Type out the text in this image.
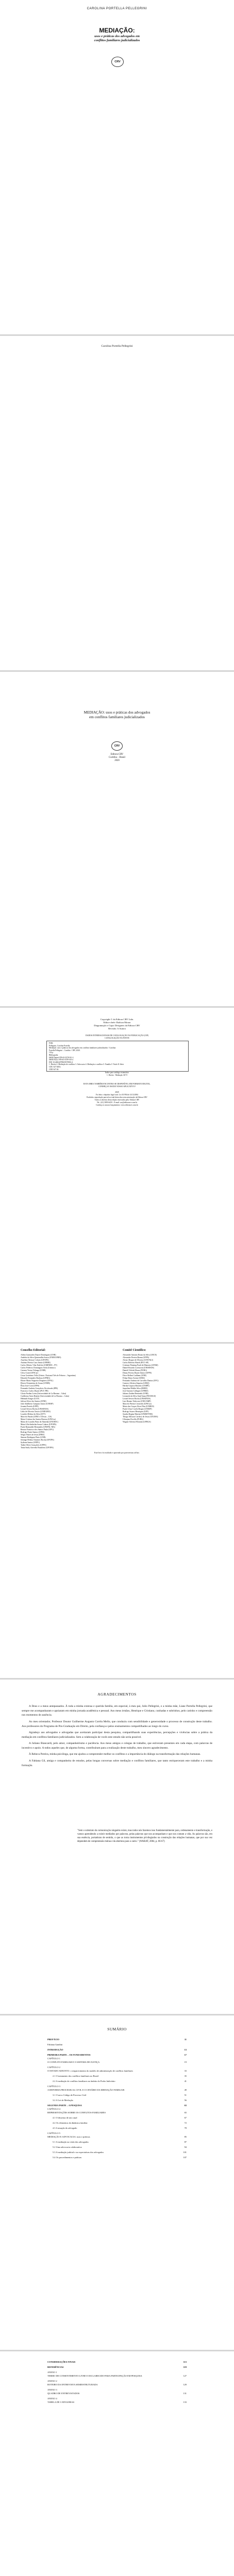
CAROLINA PORTELLA PELLEGRINI
MEDIAÇÃO:
usos e práticas dos advogados em
conflitos familiares judicializados
CRV
Carolina Portella Pellegrini
MEDIAÇÃO: usos e práticas dos advogados
em conflitos familiares judicializados
CRV
Editora CRV
Curitiba – Brasil
2020
Copyright © da Editora CRV Ltda.
Editor-chefe: Railson Moura
Diagramação e Capa: Designers da Editora CRV
Revisão: A Autora
DADOS INTERNACIONAIS DE CATALOGAÇÃO NA PUBLICAÇÃO (CIP)
CATALOGAÇÃO NA FONTE
P386
Pellegrini, Carolina Portella.
Mediação: usos e práticas dos advogados em conflitos familiares judicializados / Carolina
Portella Pellegrini – Curitiba : CRV, 2020.
134 p.
Bibliografia
ISBN Digital 978-65-5578-911-1
ISBN Físico 978-65-5578-910-4
DOI 10.24824/978655578910.4
1. Direito 2. Mediação de conflitos 3. Advocacia 4. Mediação e conflitos 5. Família I. Título II. Série
CDU 347.9(81)
CDD 347.04
Índice para catálogo sistemático
1. Direito - Mediação 347.9
ESTA OBRA TAMBÉM ENCONTRA-SE DISPONÍVEL EM FORMATO DIGITAL.
CONHEÇA E BAIXE NOSSO APLICATIVO!
2020
Foi feito o depósito legal conf. Lei 10.994 de 14/12/2004
Proibida a reprodução parcial ou total desta obra sem autorização da Editora CRV
Todos os direitos desta edição reservados pela: Editora CRV
Tel.: (41) 3039-6418 – E-mail: sac@editoracrv.com.br
Conheça os nossos lançamentos: www.editoracrv.com.br
Conselho Editorial:	Comitê Científico:
Aldira Guimarães Duarte Domínguez (UNB)
Andréia da Silva Quintanilha Sousa (UNIR/UFRN)
Anselmo Alencar Colares (UFOPA)
Antônio Pereira Gaio Júnior (UFRRJ)
Carlos Alberto Vilar Estêvão (UMINHO – PT)
Carlos Federico Dominguez Avila (Unieuro)
Carmen Tereza Velanga (UNIR)
Celso Conti (UFSCar)
Cesar Gerónimo Tello (Univer .Nacional Três de Febrero – Argentina)
Eduardo Fernandes Barbosa (UFMG)
Elione Maria Nogueira Diogenes (UFAL)
Elizeu Clementino de Souza (UNEB)
Élsio José Corá (UFFS)
Fernando Antônio Gonçalves Alcoforado (IPB)
Francisco Carlos Duarte (PUC-PR)
Gloria Fariñas León (Universidade de La Havana – Cuba)
Guillermo Arias Beatón (Universidade de La Havana – Cuba)
Helmuth Krüger (UCP)
Jailson Alves dos Santos (UFRJ)
João Adalberto Campato Junior (UNESP)
Josania Portela (UFPI)
Leonel Severo Rocha (UNISINOS)
Lídia de Oliveira Xavier (UNIEURO)
Lourdes Helena da Silva (UFV)
Marcelo Paixão (UFRJ e UTexas – US)
Maria Cristina dos Santos Bezerra (UFSCar)
Maria de Lourdes Pinto de Almeida (UNOESC)
Maria Lília Imbiriba Sousa Colares (UFOPA)
Paulo Romualdo Hernandes (UNIFAL-MG)
Renato Francisco dos Santos Paula (UFG)
Rodrigo Pratte-Santos (UFES)
Sérgio Nunes de Jesus (IFRO)
Simone Rodrigues Pinto (UNB)
Solange Helena Ximenes-Rocha (UFOPA)
Sydione Santos (UEPG)
Tadeu Oliver Gonçalves (UFPA)
Tania Suely Azevedo Brasileiro (UFOPA)
Alexandre Antonio Bruno da Silva (UECE)
Alexandre Pereira Bonna (UFPA)
Alvaro Borges de Oliveira (UNIVALI)
Carlos Roberto Husek (PUC-SP)
Cristiane Penning Pauli de Menezes (UFSM)
Daniel Ricardo Lorenzoni (UNISINOS)
Danieli Veleda Moura (FURG)
Dimas Pereira Duarte Júnior (UFPE)
Dirce Bellezi Guilhem (UNB)
Felipe Dutra Asensi (UERJ)
Fernando Antônio de Carvalho Dantas (UFG)
Gustavo Silveira Siqueira (UERJ)
Hertha Urquiza Baracho (UNIPÊ)
Jaqueline Mielke Silva (IMED)
José Antonio Callegari (UFRRJ)
Juliano Zaiden Benvindo (UNB)
Leonardo da Silva Sant'Anna (FIOCRUZ)
Leonel Severo Rocha (UNISINOS)
Luis Renato Vedovato (UNICAMP)
Marcelo Pereira Cristóvão (UFSCar)
Maria das Graças Alves Dias (UNIRIO)
Paulo César Corrêa Borges (UNESP)
Rodrigo Soares Henriques (UFF)
Sandra Regina Martini (UNIRITTER)
Thiago Allisson Cardoso de Jesus (CEUMA)
Ubirajara Fiorillo (FURG)
Wagner Silveira Feloniuk (UFRGS)
Este livro foi avaliado e aprovado por pareceristas ad hoc.
AGRADECIMENTOS
A Deus e a meus antepassados. À toda a minha extensa e querida família, em especial, à meu pai, Julio Pellegrini, e a minha mãe, Liane Portella Pellegrini, que sempre me acompanharam e apoiaram em minha jornada acadêmica e pessoal. Aos meus irmãos, Henrique e Cristiano, cunhadas e sobrinhos, pelo carinho e compreensão nos momentos de ausência.
Ao meu orientador, Professor Doutor Guilherme Augusto Corrêa Mello, que conduziu com sensibilidade e generosidade o processo de construção deste trabalho. Aos professores do Programa de Pós-Graduação em Direito, pela confiança e pelos ensinamentos compartilhados ao longo do curso.
Agradeço aos advogados e advogadas que aceitaram participar desta pesquisa, compartilhando suas experiências, percepções e vivências sobre a prática da mediação em conflitos familiares judicializados. Sem a colaboração de vocês este estudo não seria possível.
A Juliano Biancardi, pelo amor, companheirismo e paciência. Aos meus amigos e colegas de trabalho, que estiveram presentes em cada etapa, com palavras de incentivo e apoio. A todos aqueles que, de alguma forma, contribuíram para a realização deste trabalho, meu sincero agradecimento.
À Rebeca Pereira, minha psicóloga, que me ajudou a compreender melhor os conflitos e a importância do diálogo na transformação das relações humanas.
A Fabiana Gil, amiga e companheira de estudos, pelas longas conversas sobre mediação e conflitos familiares, que tanto enriqueceram este trabalho e a minha formação.
"Sem o substrato da comunicação ninguém existe, mas todos nós fazemos isso fundamentalmente para, ordenamento e transformação, e vamos aprendendo a existir mediados por palavras, pelas palavras que nos acompanham e que nos contam a vida. As palavras são, em sua essência, portadoras de sentido, o que as torna instrumentos privilegiados na construção das relações humanas, que por sua vez dependem de compreensão mútua e da abertura para o outro." (WARAT, 2004, p. 66-67)
SUMÁRIO
PREFÁCIO	11
Fabiana Gandini
INTRODUÇÃO	13
PRIMEIRA PARTE – OS FUNDAMENTOS	17
CAPÍTULO 1
O CONFLITO FAMILIAR E O SISTEMA DE JUSTIÇA	19
CAPÍTULO 2
O ESTADO ADJUNTO: o reaparecimento do modelo de administração de conflitos familiares	33
2.1 O tratamento dos conflitos familiares no Brasil	35
2.2 A mediação de conflitos familiares no âmbito do Poder Judiciário	41
CAPÍTULO 3
A REFORMA PROCESSUAL CIVIL E O CENÁRIO DA MEDIAÇÃO FAMILIAR	49
3.1 O novo Código de Processo Civil	51
3.2 A Lei de Mediação	56
SEGUNDA PARTE – A PESQUISA	63
CAPÍTULO 4
REPRESENTAÇÕES SOBRE OS CONFLITOS FAMILIARES	65
4.1 O dissenso de um casal	67
4.2 Os elementos da dinâmica familiar	72
4.3 A atuação do advogado	78
CAPÍTULO 5
MEDIAÇÃO E ADVOCACIA: usos e práticas	85
5.1 A mediação na visão dos advogados	87
5.2 Uma advocacia colaborativa	94
5.3 A mediação judicial e as expectativas dos advogados	101
5.4 Os procedimentos e práticas	107
CONSIDERAÇÕES FINAIS	113
REFERÊNCIAS	119
ANEXO 1
TERMO DE CONSENTIMENTO LIVRE E ESCLARECIDO PARA PARTICIPAÇÃO EM PESQUISA	127
ANEXO 2
ROTEIRO DA ENTREVISTA SEMIESTRUTURADA	129
ANEXO 3
QUADRO DE ENTREVISTADOS	131
ANEXO 4
TABELA DE CATEGORIAS	133
